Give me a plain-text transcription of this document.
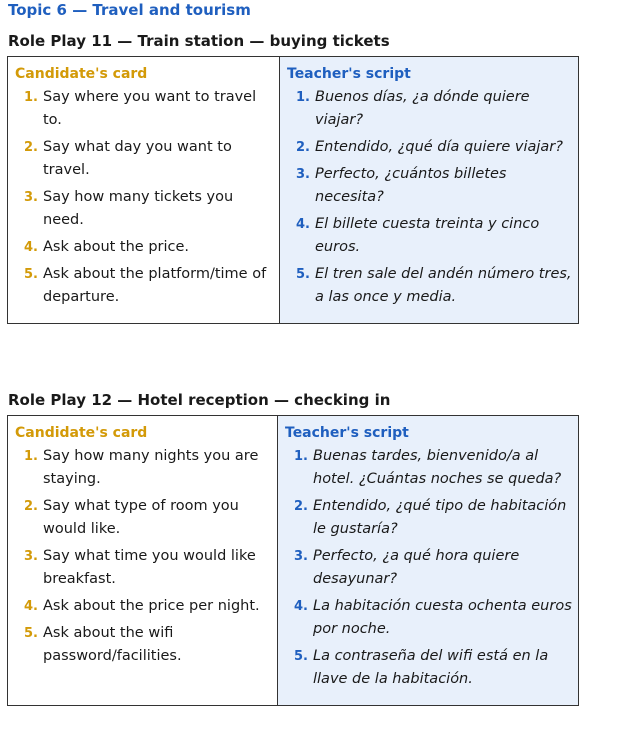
Topic 6 — Travel and tourism
Role Play 11 — Train station — buying tickets
Candidate's card
1. Say where you want to travel to.
2. Say what day you want to travel.
3. Say how many tickets you need.
4. Ask about the price.
5. Ask about the platform/time of departure.
Teacher's script
1. Buenos días, ¿a dónde quiere viajar?
2. Entendido, ¿qué día quiere viajar?
3. Perfecto, ¿cuántos billetes necesita?
4. El billete cuesta treinta y cinco euros.
5. El tren sale del andén número tres, a las once y media.
Role Play 12 — Hotel reception — checking in
Candidate's card
1. Say how many nights you are staying.
2. Say what type of room you would like.
3. Say what time you would like breakfast.
4. Ask about the price per night.
5. Ask about the wifi password/facilities.
Teacher's script
1. Buenas tardes, bienvenido/a al hotel. ¿Cuántas noches se queda?
2. Entendido, ¿qué tipo de habitación le gustaría?
3. Perfecto, ¿a qué hora quiere desayunar?
4. La habitación cuesta ochenta euros por noche.
5. La contraseña del wifi está en la llave de la habitación.
